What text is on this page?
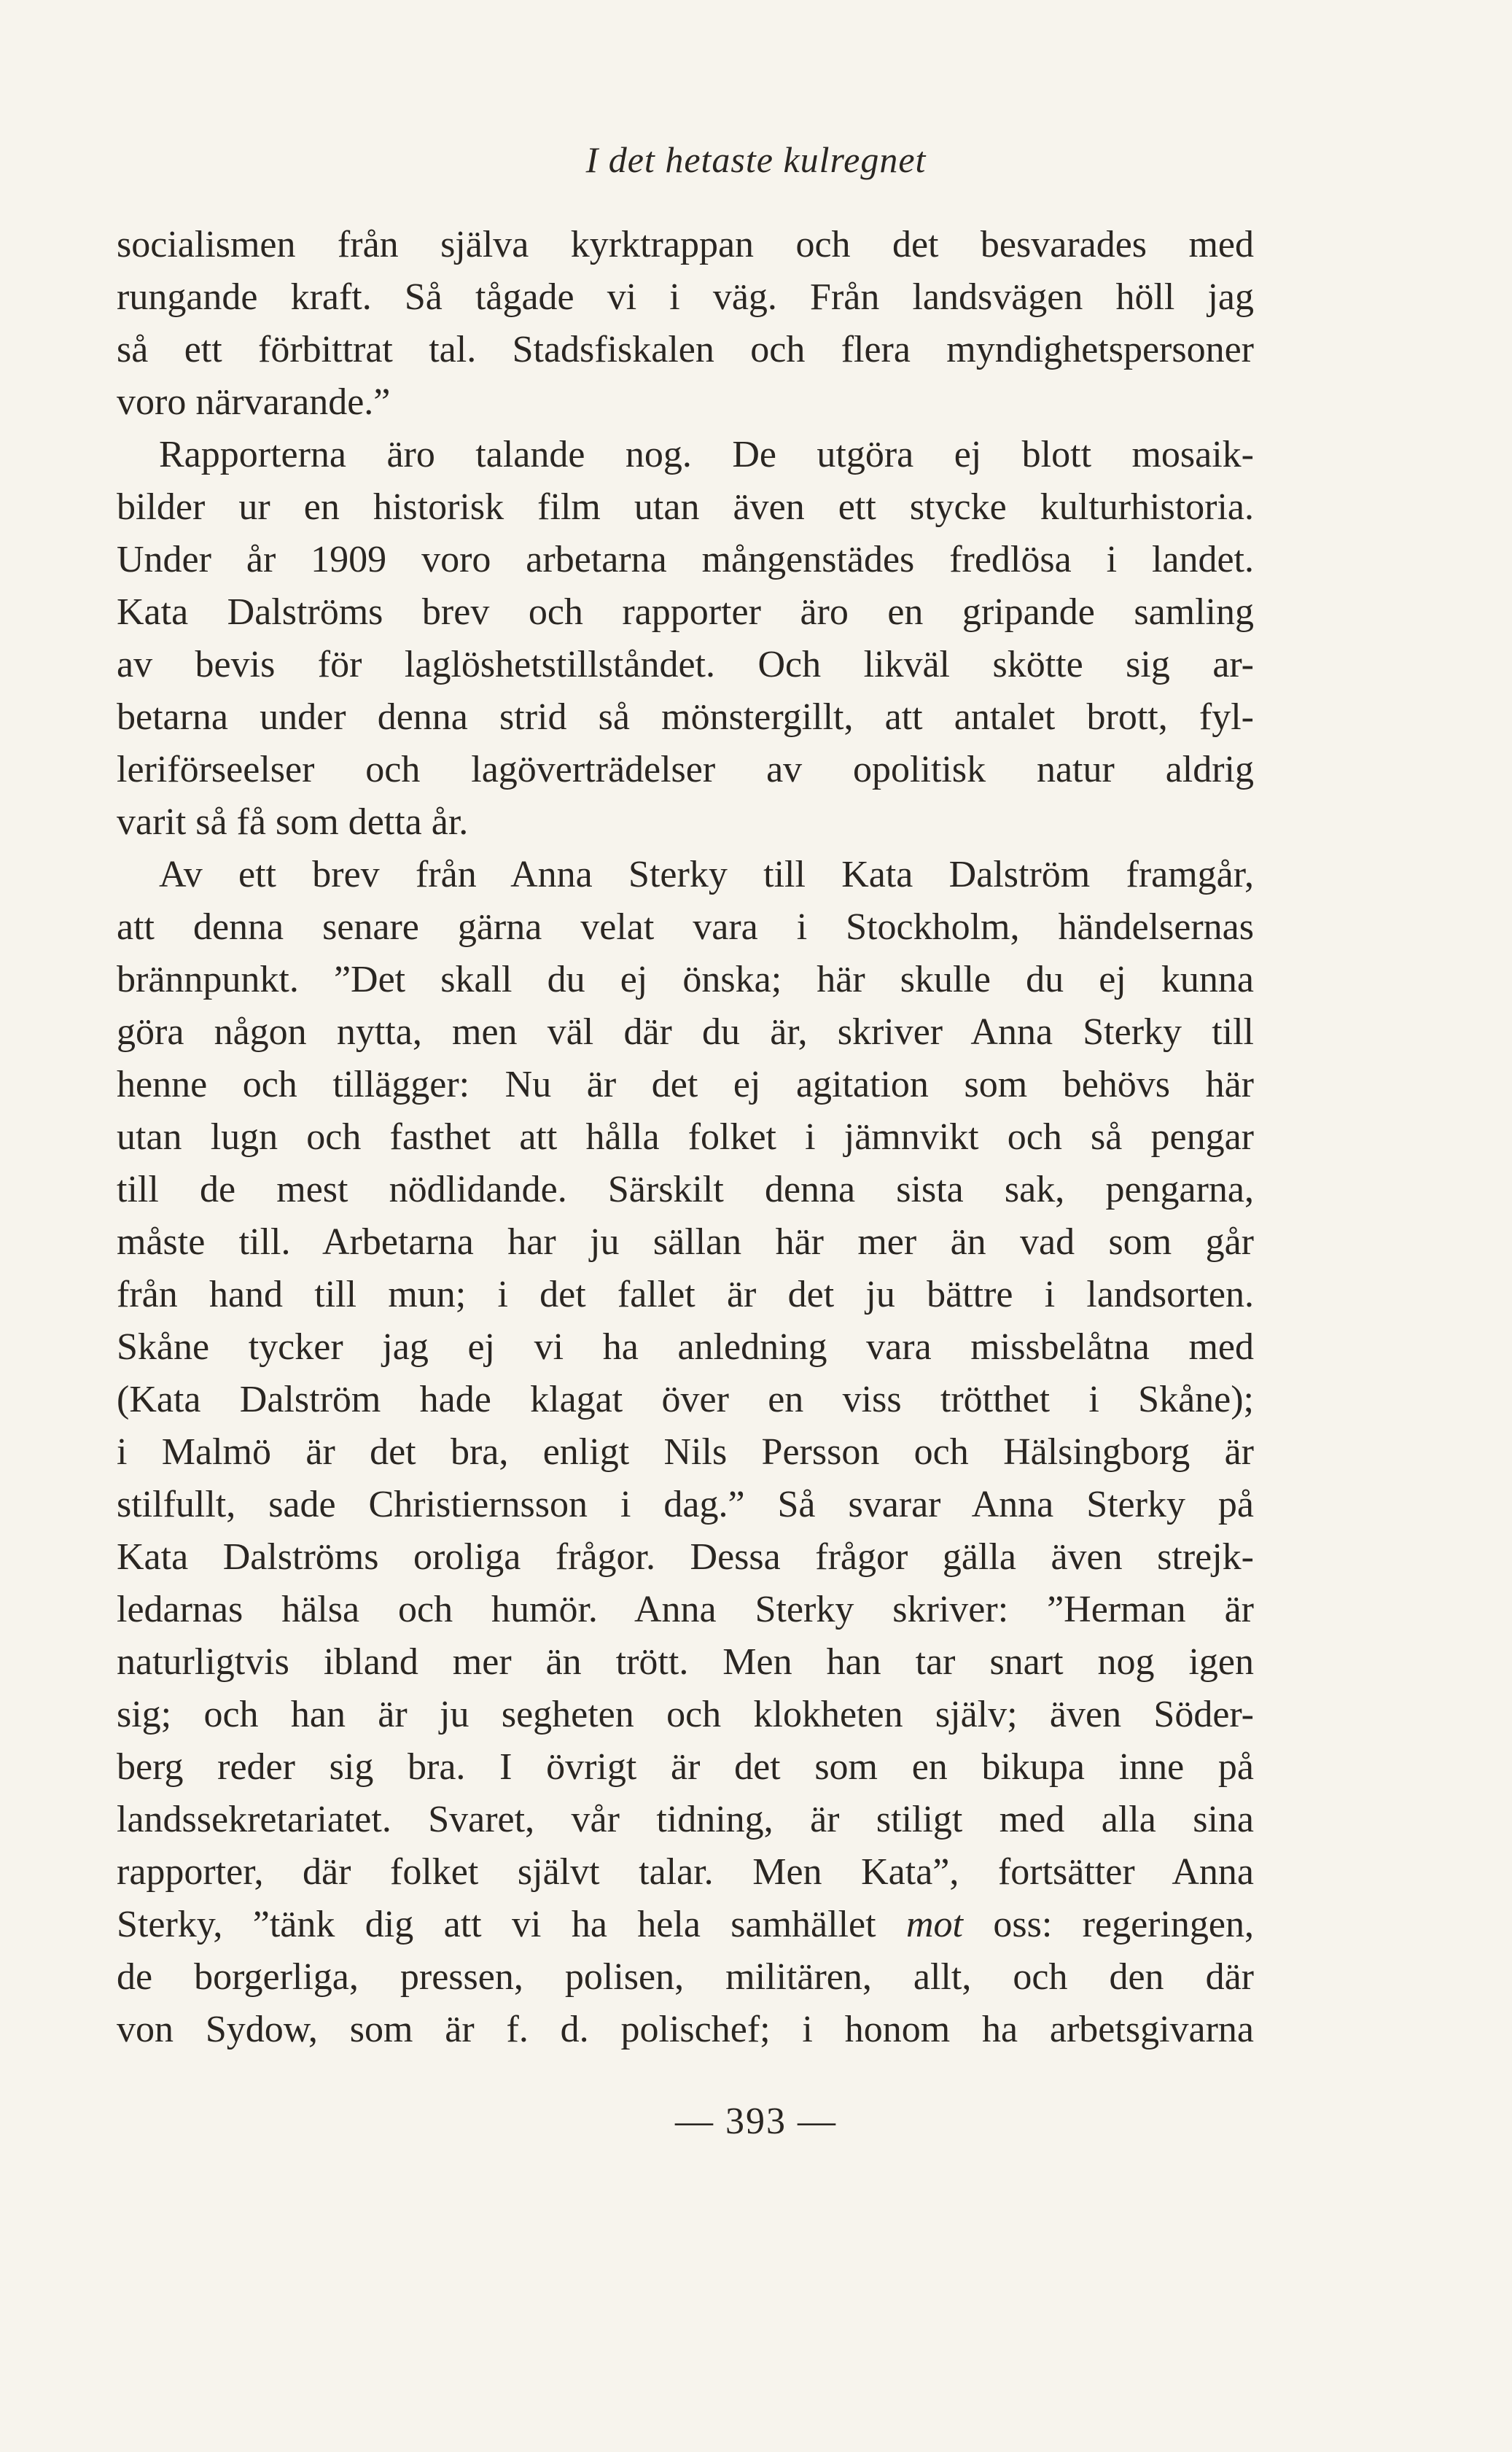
I det hetaste kulregnet
socialismen från själva kyrktrappan och det besvarades med
rungande kraft. Så tågade vi i väg. Från landsvägen höll jag
så ett förbittrat tal. Stadsfiskalen och flera myndighetspersoner
voro närvarande.”
Rapporterna äro talande nog. De utgöra ej blott mosaik-
bilder ur en historisk film utan även ett stycke kulturhistoria.
Under år 1909 voro arbetarna mångenstädes fredlösa i landet.
Kata Dalströms brev och rapporter äro en gripande samling
av bevis för laglöshetstillståndet. Och likväl skötte sig ar-
betarna under denna strid så mönstergillt, att antalet brott, fyl-
leriförseelser och lagöverträdelser av opolitisk natur aldrig
varit så få som detta år.
Av ett brev från Anna Sterky till Kata Dalström framgår,
att denna senare gärna velat vara i Stockholm, händelsernas
brännpunkt. ”Det skall du ej önska; här skulle du ej kunna
göra någon nytta, men väl där du är, skriver Anna Sterky till
henne och tillägger: Nu är det ej agitation som behövs här
utan lugn och fasthet att hålla folket i jämnvikt och så pengar
till de mest nödlidande. Särskilt denna sista sak, pengarna,
måste till. Arbetarna har ju sällan här mer än vad som går
från hand till mun; i det fallet är det ju bättre i landsorten.
Skåne tycker jag ej vi ha anledning vara missbelåtna med
(Kata Dalström hade klagat över en viss trötthet i Skåne);
i Malmö är det bra, enligt Nils Persson och Hälsingborg är
stilfullt, sade Christiernsson i dag.” Så svarar Anna Sterky på
Kata Dalströms oroliga frågor. Dessa frågor gälla även strejk-
ledarnas hälsa och humör. Anna Sterky skriver: ”Herman är
naturligtvis ibland mer än trött. Men han tar snart nog igen
sig; och han är ju segheten och klokheten själv; även Söder-
berg reder sig bra. I övrigt är det som en bikupa inne på
landssekretariatet. Svaret, vår tidning, är stiligt med alla sina
rapporter, där folket självt talar. Men Kata”, fortsätter Anna
Sterky, ”tänk dig att vi ha hela samhället mot oss: regeringen,
de borgerliga, pressen, polisen, militären, allt, och den där
von Sydow, som är f. d. polischef; i honom ha arbetsgivarna
— 393 —
